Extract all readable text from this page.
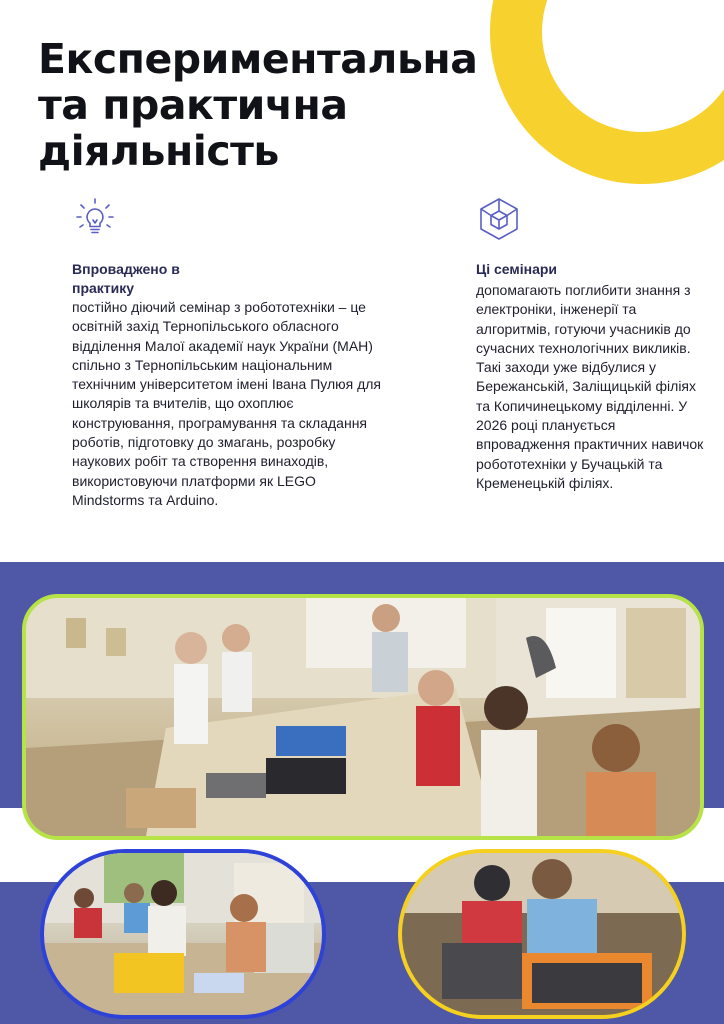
Експериментальна
та практична
діяльність

Впроваджено в практику

постійно діючий семінар з робототехніки – це освітній захід Тернопільського обласного відділення Малої академії наук України (МАН) спільно з Тернопільським національним технічним університетом імені Івана Пулюя для школярів та вчителів, що охоплює конструювання, програмування та складання роботів, підготовку до змагань, розробку наукових робіт та створення винаходів, використовуючи платформи як LEGO Mindstorms та Arduino.

Ці семінари

допомагають поглибити знання з електроніки, інженерії та алгоритмів, готуючи учасників до сучасних технологічних викликів. Такі заходи уже відбулися у Бережанській, Заліщицькій філіях та Копичинецькому відділенні. У 2026 році планується впровадження практичних навичок робототехніки у Бучацькій та Кременецькій філіях.
